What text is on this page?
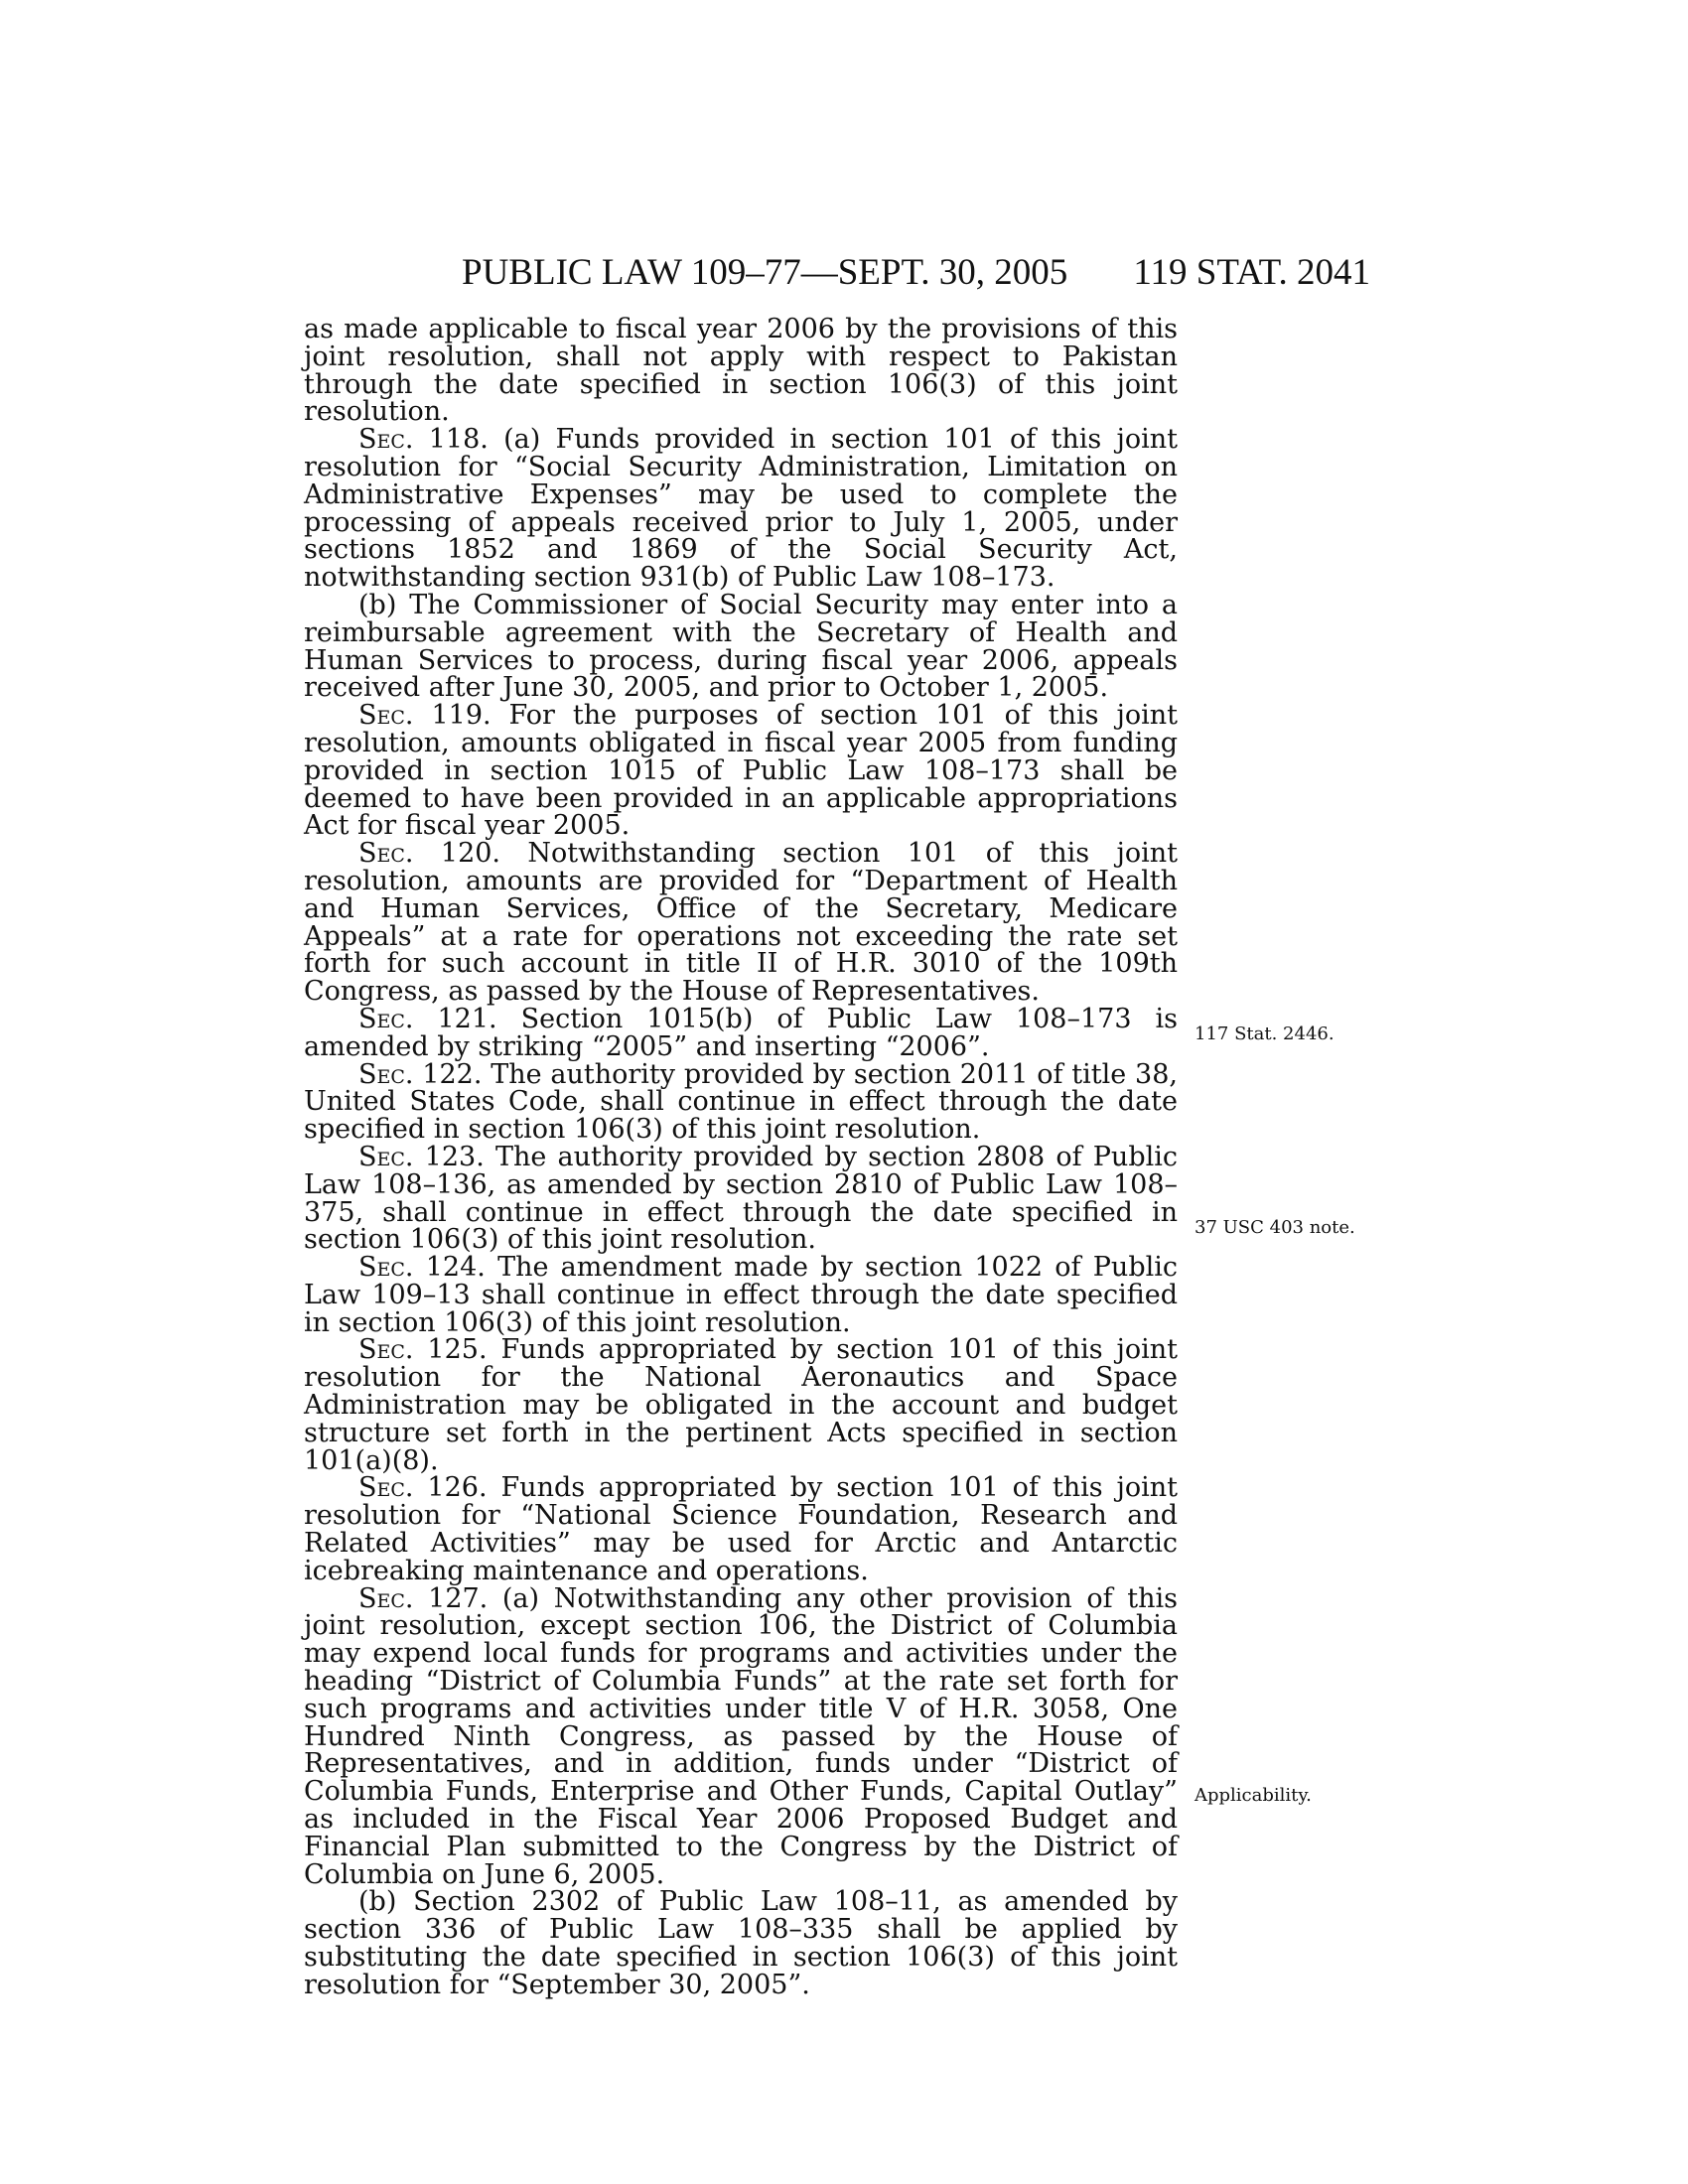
PUBLIC LAW 109–77—SEPT. 30, 2005 119 STAT. 2041

as made applicable to fiscal year 2006 by the provisions of this joint resolution, shall not apply with respect to Pakistan through the date specified in section 106(3) of this joint resolution.

Sec. 118. (a) Funds provided in section 101 of this joint resolution for “Social Security Administration, Limitation on Administrative Expenses” may be used to complete the processing of appeals received prior to July 1, 2005, under sections 1852 and 1869 of the Social Security Act, notwithstanding section 931(b) of Public Law 108–173.

(b) The Commissioner of Social Security may enter into a reimbursable agreement with the Secretary of Health and Human Services to process, during fiscal year 2006, appeals received after June 30, 2005, and prior to October 1, 2005.

Sec. 119. For the purposes of section 101 of this joint resolution, amounts obligated in fiscal year 2005 from funding provided in section 1015 of Public Law 108–173 shall be deemed to have been provided in an applicable appropriations Act for fiscal year 2005.

Sec. 120. Notwithstanding section 101 of this joint resolution, amounts are provided for “Department of Health and Human Services, Office of the Secretary, Medicare Appeals” at a rate for operations not exceeding the rate set forth for such account in title II of H.R. 3010 of the 109th Congress, as passed by the House of Representatives.

Sec. 121. Section 1015(b) of Public Law 108–173 is amended by striking “2005” and inserting “2006”.

Sec. 122. The authority provided by section 2011 of title 38, United States Code, shall continue in effect through the date specified in section 106(3) of this joint resolution.

Sec. 123. The authority provided by section 2808 of Public Law 108–136, as amended by section 2810 of Public Law 108–375, shall continue in effect through the date specified in section 106(3) of this joint resolution.

Sec. 124. The amendment made by section 1022 of Public Law 109–13 shall continue in effect through the date specified in section 106(3) of this joint resolution.

Sec. 125. Funds appropriated by section 101 of this joint resolution for the National Aeronautics and Space Administration may be obligated in the account and budget structure set forth in the pertinent Acts specified in section 101(a)(8).

Sec. 126. Funds appropriated by section 101 of this joint resolution for “National Science Foundation, Research and Related Activities” may be used for Arctic and Antarctic icebreaking maintenance and operations.

Sec. 127. (a) Notwithstanding any other provision of this joint resolution, except section 106, the District of Columbia may expend local funds for programs and activities under the heading “District of Columbia Funds” at the rate set forth for such programs and activities under title V of H.R. 3058, One Hundred Ninth Congress, as passed by the House of Representatives, and in addition, funds under “District of Columbia Funds, Enterprise and Other Funds, Capital Outlay” as included in the Fiscal Year 2006 Proposed Budget and Financial Plan submitted to the Congress by the District of Columbia on June 6, 2005.

(b) Section 2302 of Public Law 108–11, as amended by section 336 of Public Law 108–335 shall be applied by substituting the date specified in section 106(3) of this joint resolution for “September 30, 2005”.

117 Stat. 2446.
37 USC 403 note.
Applicability.
